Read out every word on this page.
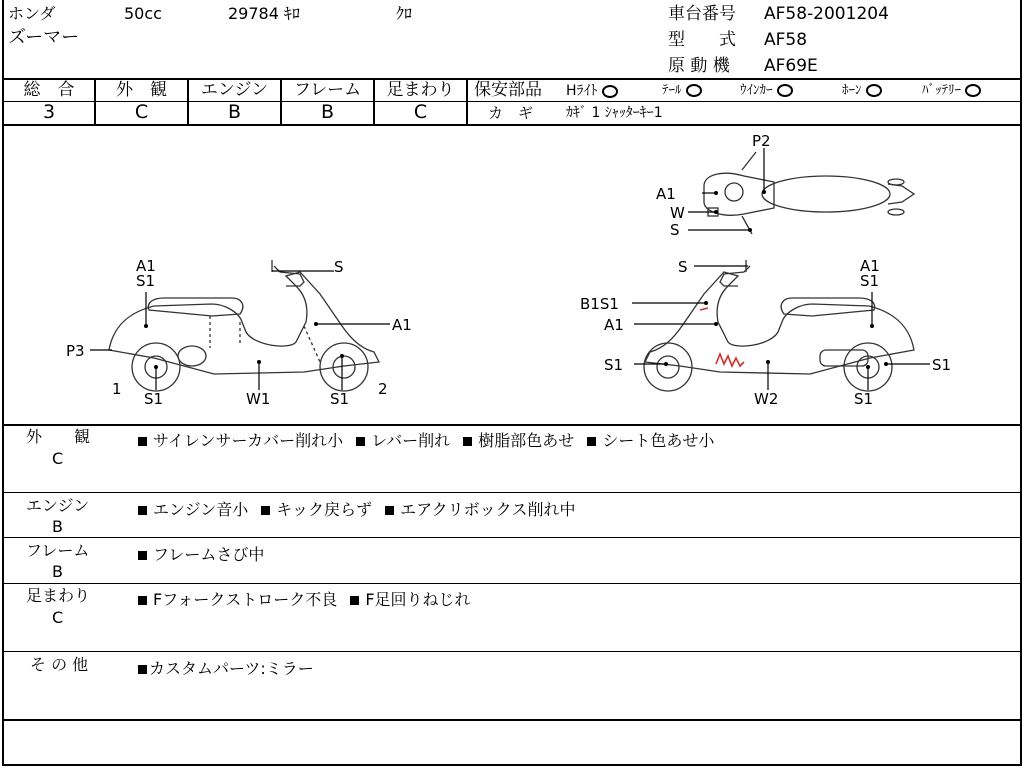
ホンダ	50cc	29784 ｷﾛ	ｸﾛ
ズーマー
車台番号 AF58-2001204
型　　式 AF58
原 動 機 AF69E
総　合	外　観	エンジン	フレーム	足まわり
3	C	B	B	C
保安部品 Hﾗｲﾄ	ﾃｰﾙ	ｳｲﾝｶｰ	ﾎｰﾝ	ﾊﾞｯﾃﾘｰ
カ　ギ ｶｷﾞ 1 ｼｬｯﾀｰｷｰ1
A1
S1
S
A1
P3
1
S1	W1	S1
2
P2
A1
W
S
S	A1
S1
B1S1
A1
S1
W2	S1
S1
外　　観
C
サイレンサーカバー削れ小 レバー削れ 樹脂部色あせ シート色あせ小
エンジン
B
エンジン音小 キック戻らず エアクリボックス削れ中
フレーム
B
フレームさび中
足まわり
C
Fフォークストローク不良 F足回りねじれ
そ の 他	カスタムパーツ:ミラー
